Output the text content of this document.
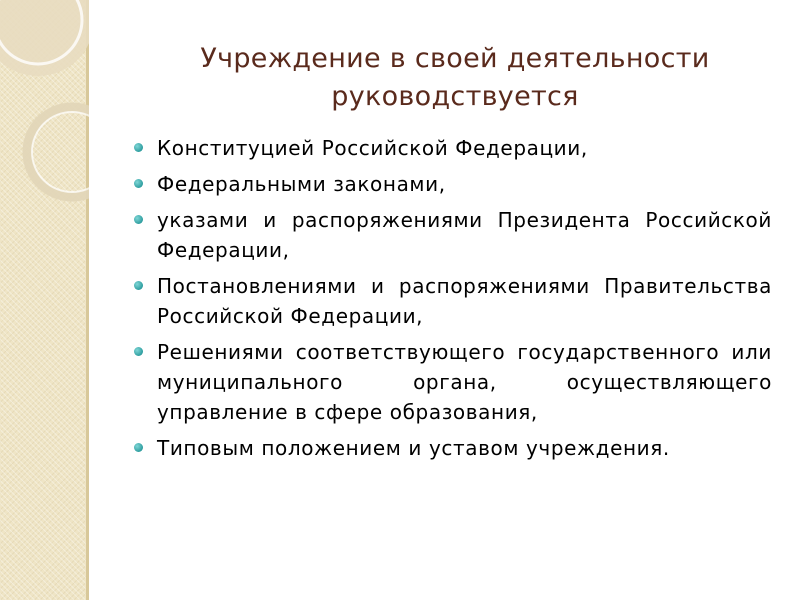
Учреждение в своей деятельности руководствуется
Конституцией Российской Федерации,
Федеральными законами,
указами и распоряжениями Президента Российской Федерации,
Постановлениями и распоряжениями Правительства Российской Федерации,
Решениями соответствующего государственного или муниципального органа, осуществляющего управление в сфере образования,
Типовым положением и уставом учреждения.
